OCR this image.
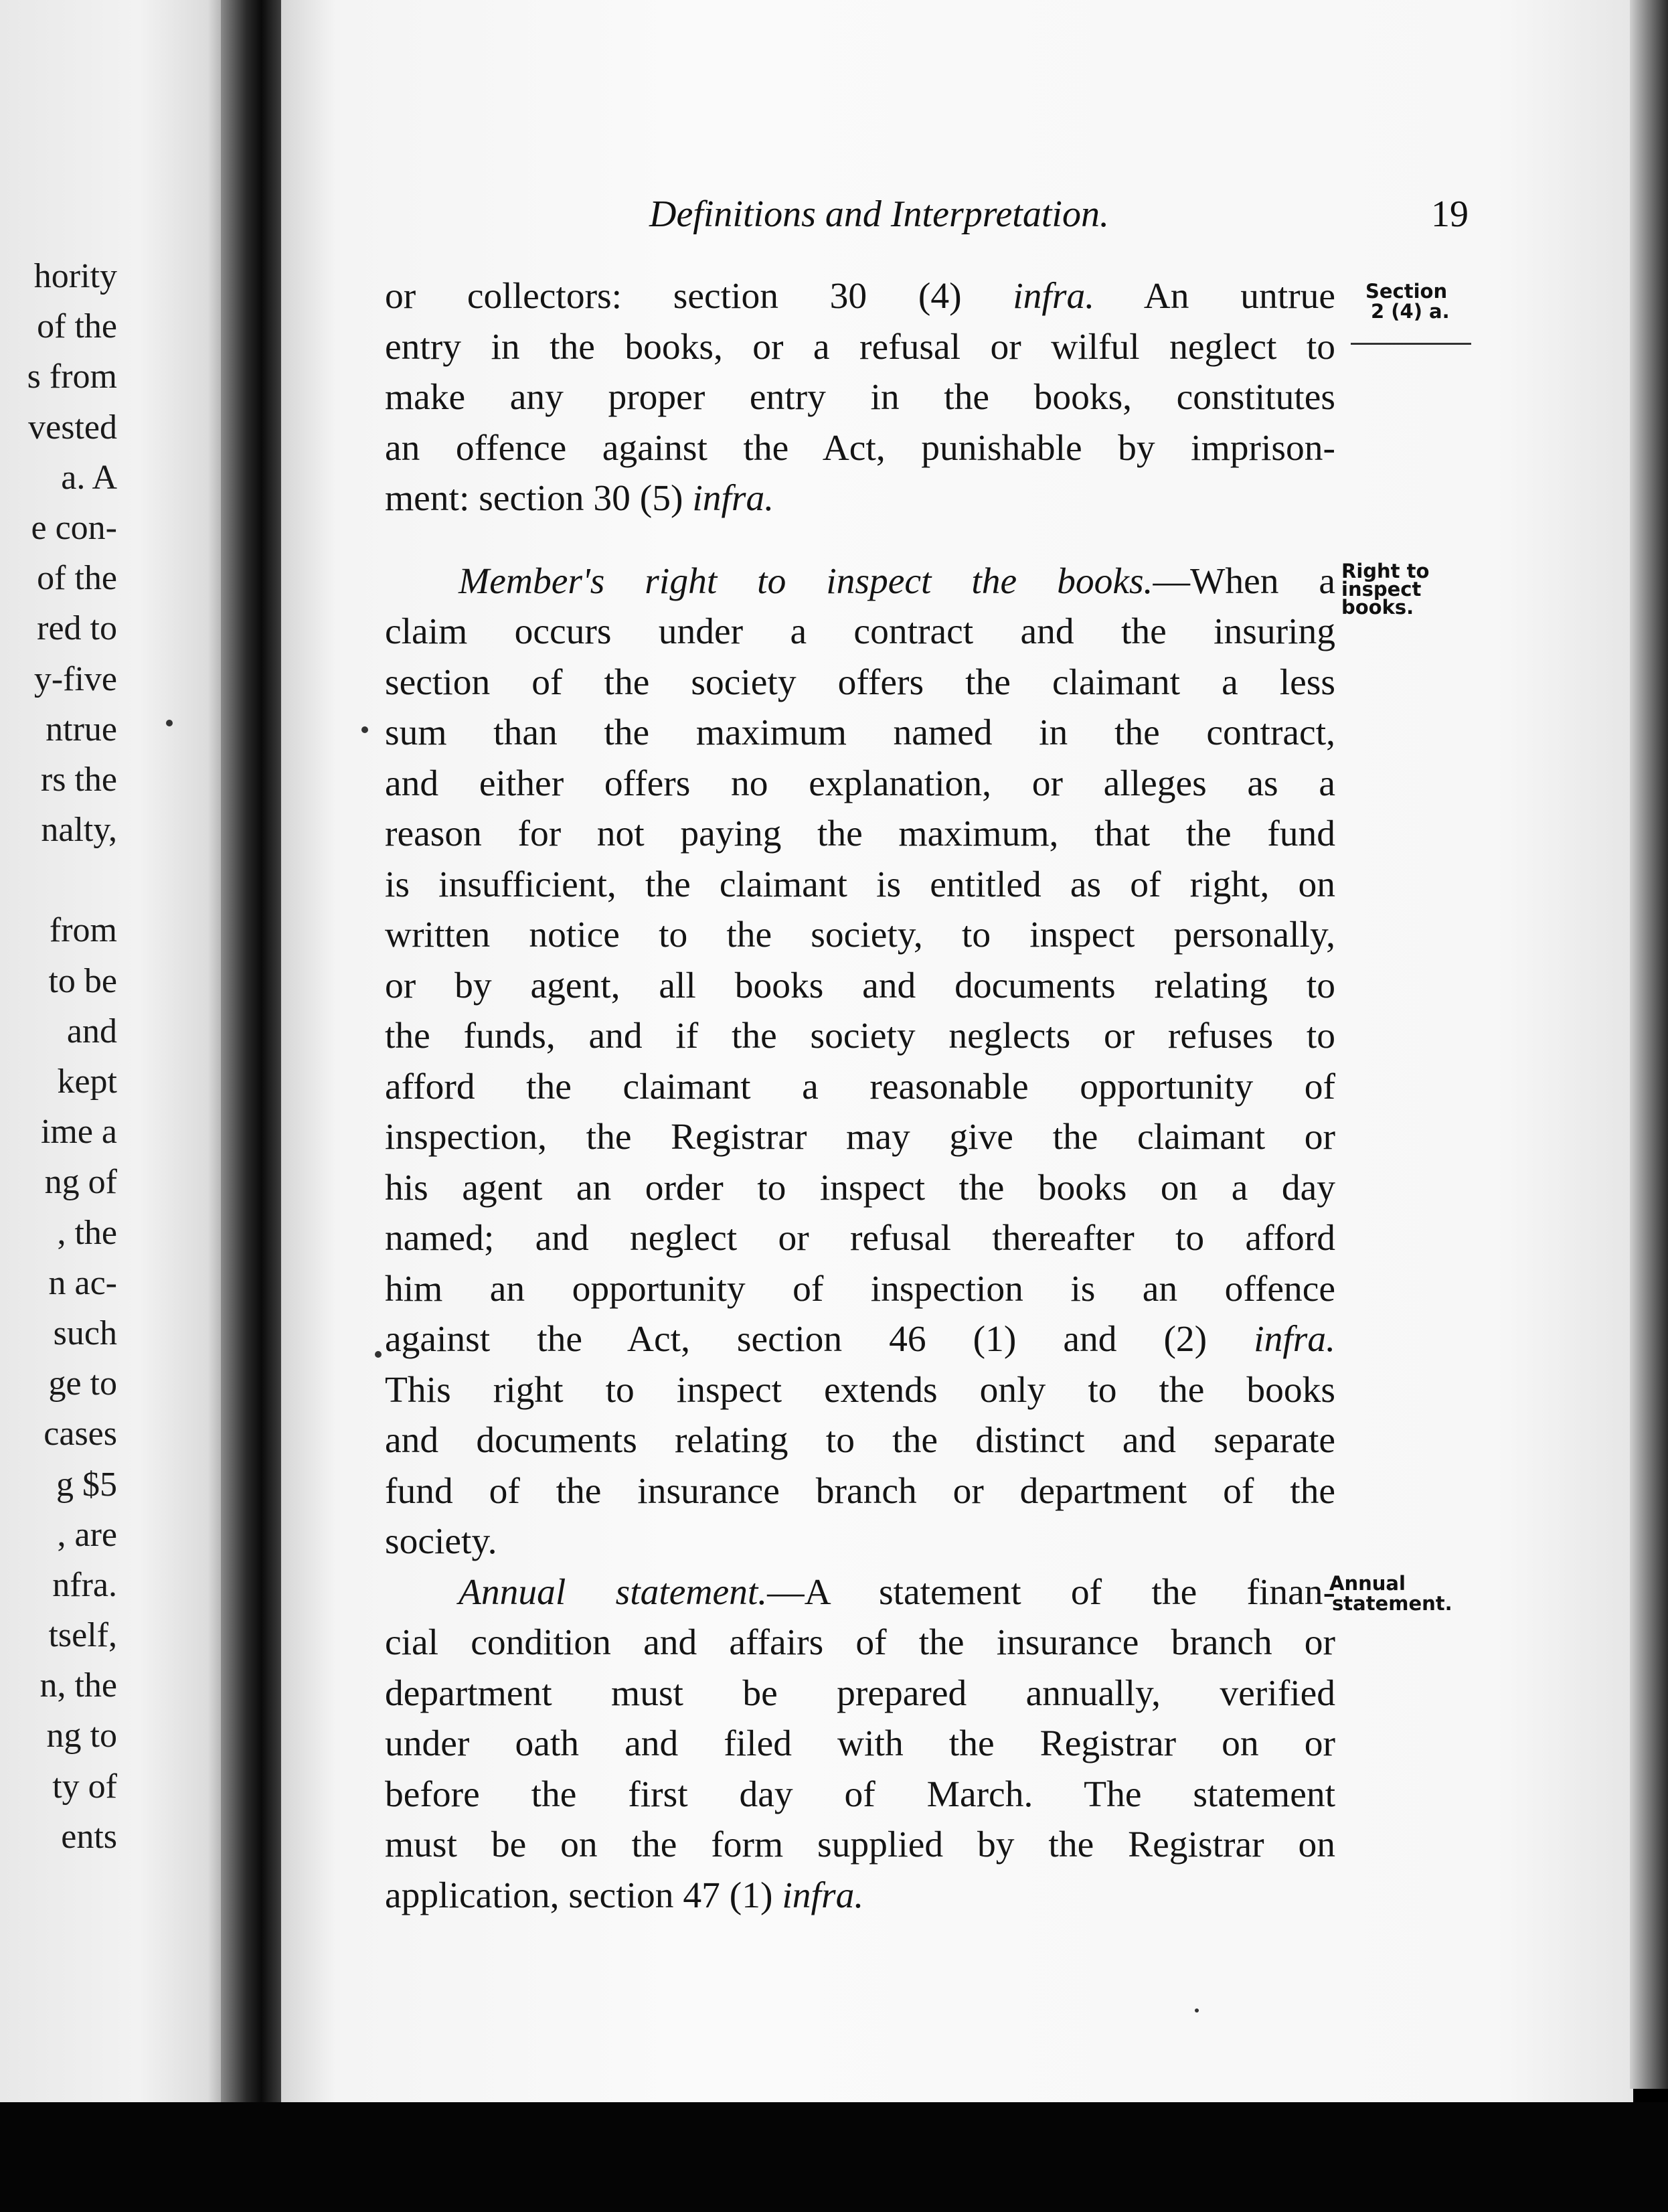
hority
of the
s from
vested
a. A
e con-
of the
red to
y-five
ntrue
rs the
nalty,
from
to be
and
kept
ime a
ng of
, the
n ac-
such
ge to
cases
g $5
, are
nfra.
tself,
n, the
ng to
ty of
ents
Definitions and Interpretation.	19
Section
2 (4) a.
Right to
inspect
books.
Annual
statement.

or collectors: section 30 (4) infra. An untrue
entry in the books, or a refusal or wilful neglect to
make any proper entry in the books, constitutes
an offence against the Act, punishable by imprison-
ment: section 30 (5) infra.

Member's right to inspect the books.—When a
claim occurs under a contract and the insuring
section of the society offers the claimant a less
sum than the maximum named in the contract,
and either offers no explanation, or alleges as a
reason for not paying the maximum, that the fund
is insufficient, the claimant is entitled as of right, on
written notice to the society, to inspect personally,
or by agent, all books and documents relating to
the funds, and if the society neglects or refuses to
afford the claimant a reasonable opportunity of
inspection, the Registrar may give the claimant or
his agent an order to inspect the books on a day
named; and neglect or refusal thereafter to afford
him an opportunity of inspection is an offence
against the Act, section 46 (1) and (2) infra.
This right to inspect extends only to the books
and documents relating to the distinct and separate
fund of the insurance branch or department of the
society.

Annual statement.—A statement of the finan-
cial condition and affairs of the insurance branch or
department must be prepared annually, verified
under oath and filed with the Registrar on or
before the first day of March. The statement
must be on the form supplied by the Registrar on
application, section 47 (1) infra.
